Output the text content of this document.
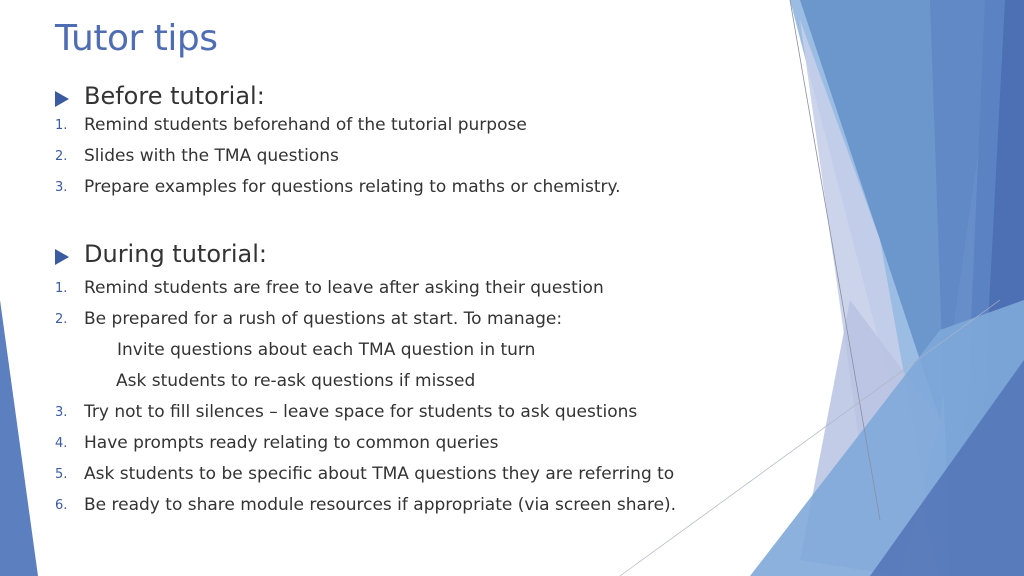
Tutor tips
Before tutorial:
1. Remind students beforehand of the tutorial purpose
2. Slides with the TMA questions
3. Prepare examples for questions relating to maths or chemistry.
During tutorial:
1. Remind students are free to leave after asking their question
2. Be prepared for a rush of questions at start. To manage:
Invite questions about each TMA question in turn
Ask students to re-ask questions if missed
3. Try not to fill silences – leave space for students to ask questions
4. Have prompts ready relating to common queries
5. Ask students to be specific about TMA questions they are referring to
6. Be ready to share module resources if appropriate (via screen share).
